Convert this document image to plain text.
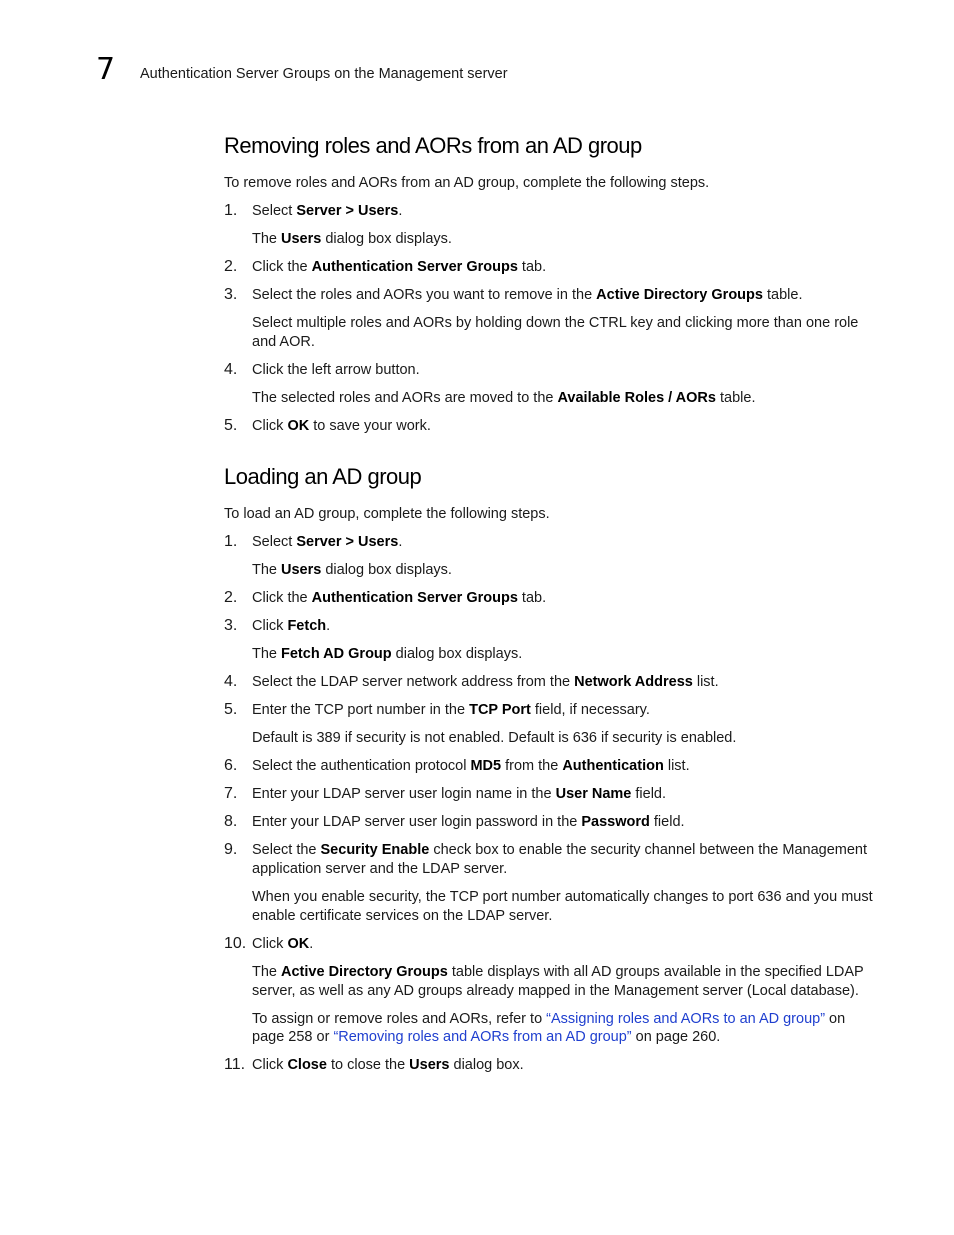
7 Authentication Server Groups on the Management server
Removing roles and AORs from an AD group

To remove roles and AORs from an AD group, complete the following steps.

1. Select Server > Users.

The Users dialog box displays.

2. Click the Authentication Server Groups tab.

3. Select the roles and AORs you want to remove in the Active Directory Groups table.

Select multiple roles and AORs by holding down the CTRL key and clicking more than one role and AOR.

4. Click the left arrow button.

The selected roles and AORs are moved to the Available Roles / AORs table.

5. Click OK to save your work.

Loading an AD group

To load an AD group, complete the following steps.

1. Select Server > Users.

The Users dialog box displays.

2. Click the Authentication Server Groups tab.

3. Click Fetch.

The Fetch AD Group dialog box displays.

4. Select the LDAP server network address from the Network Address list.

5. Enter the TCP port number in the TCP Port field, if necessary.

Default is 389 if security is not enabled. Default is 636 if security is enabled.

6. Select the authentication protocol MD5 from the Authentication list.

7. Enter your LDAP server user login name in the User Name field.

8. Enter your LDAP server user login password in the Password field.

9. Select the Security Enable check box to enable the security channel between the Management application server and the LDAP server.

When you enable security, the TCP port number automatically changes to port 636 and you must enable certificate services on the LDAP server.

10. Click OK.

The Active Directory Groups table displays with all AD groups available in the specified LDAP server, as well as any AD groups already mapped in the Management server (Local database).

To assign or remove roles and AORs, refer to “Assigning roles and AORs to an AD group” on page 258 or “Removing roles and AORs from an AD group” on page 260.

11. Click Close to close the Users dialog box.
